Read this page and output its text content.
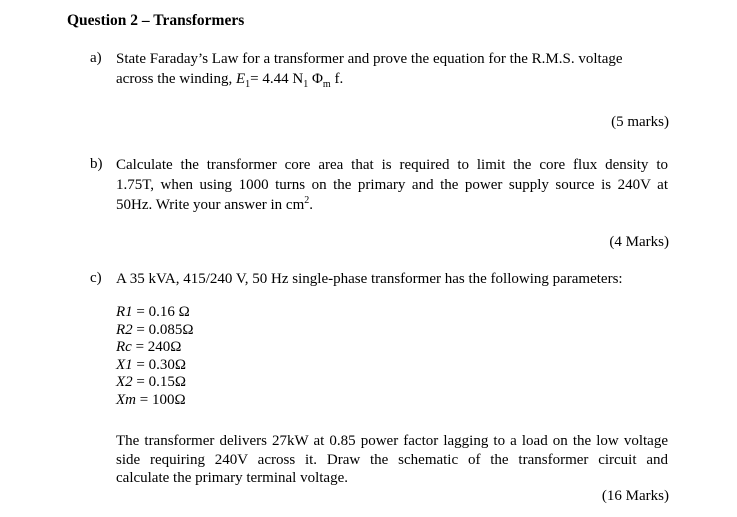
Question 2 – Transformers
a) State Faraday’s Law for a transformer and prove the equation for the R.M.S. voltage
across the winding, $E_1= 4.44$ $N_1$ $\Phi_m$ f.
(5 marks)
b) Calculate the transformer core area that is required to limit the core flux density to
1.75T, when using 1000 turns on the primary and the power supply source is 240V at
50Hz. Write your answer in $cm^2$.
(4 Marks)
c) A 35 kVA, 415/240 V, 50 Hz single-phase transformer has the following parameters:
R1 = 0.16 Ω
R2 = 0.085Ω
Rc = 240Ω
X1 = 0.30Ω
X2 = 0.15Ω
Xm = 100Ω
The transformer delivers 27kW at 0.85 power factor lagging to a load on the low voltage
side requiring 240V across it. Draw the schematic of the transformer circuit and
calculate the primary terminal voltage.
(16 Marks)
